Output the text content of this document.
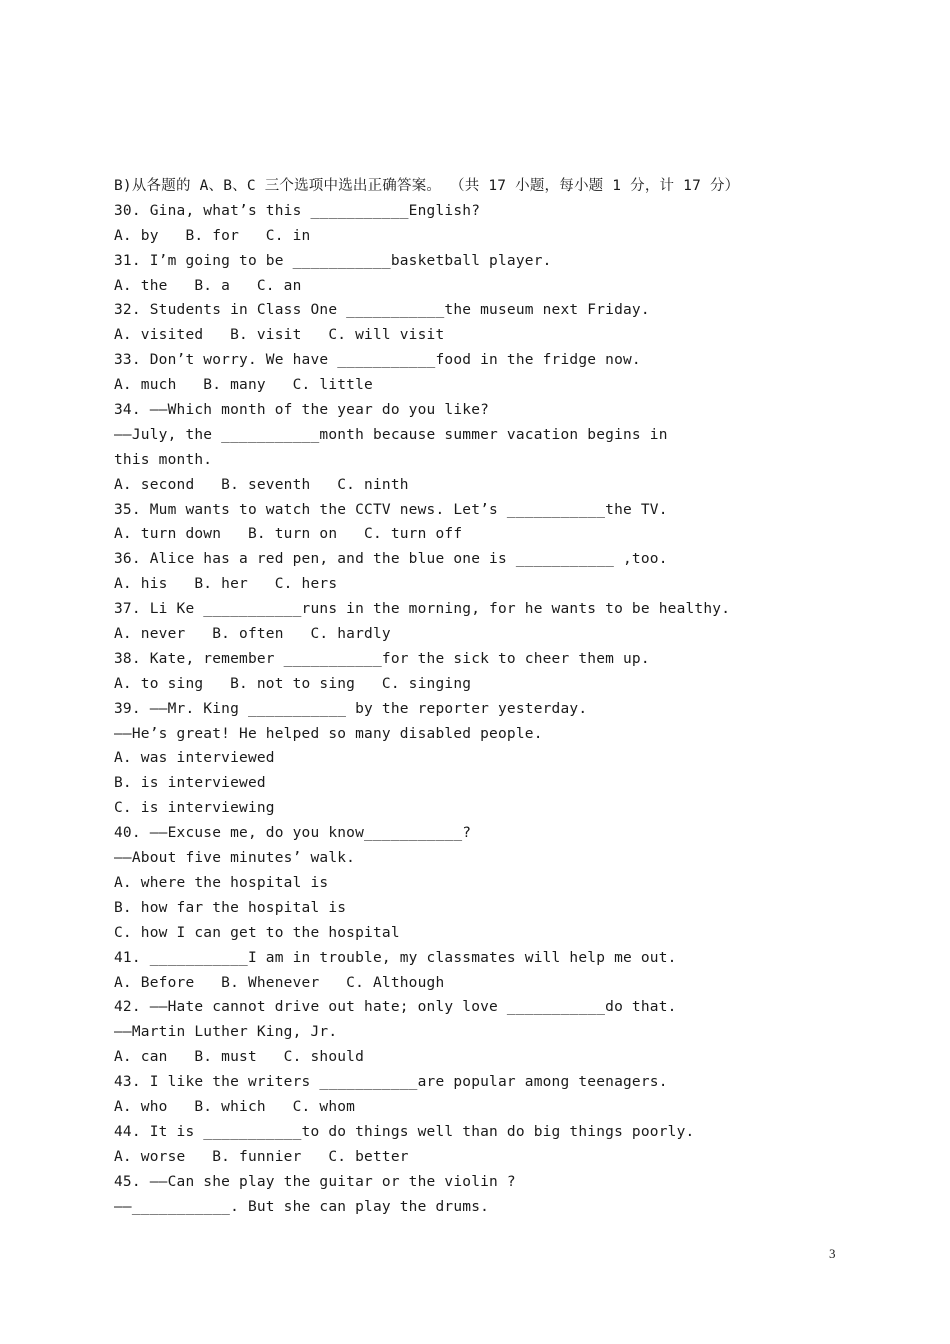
B)从各题的 A、B、C 三个选项中选出正确答案。 （共 17 小题，每小题 1 分，计 17 分）
30. Gina, what’s this ___________English?
A. by   B. for   C. in
31. I’m going to be ___________basketball player.
A. the   B. a   C. an
32. Students in Class One ___________the museum next Friday.
A. visited   B. visit   C. will visit
33. Don’t worry. We have ___________food in the fridge now.
A. much   B. many   C. little
34. ——Which month of the year do you like?
——July, the ___________month because summer vacation begins in
this month.
A. second   B. seventh   C. ninth
35. Mum wants to watch the CCTV news. Let’s ___________the TV.
A. turn down   B. turn on   C. turn off
36. Alice has a red pen, and the blue one is ___________ ,too.
A. his   B. her   C. hers
37. Li Ke ___________runs in the morning, for he wants to be healthy.
A. never   B. often   C. hardly
38. Kate, remember ___________for the sick to cheer them up.
A. to sing   B. not to sing   C. singing
39. ——Mr. King ___________ by the reporter yesterday.
——He’s great! He helped so many disabled people.
A. was interviewed
B. is interviewed
C. is interviewing
40. ——Excuse me, do you know___________?
——About five minutes’ walk.
A. where the hospital is
B. how far the hospital is
C. how I can get to the hospital
41. ___________I am in trouble, my classmates will help me out.
A. Before   B. Whenever   C. Although
42. ——Hate cannot drive out hate; only love ___________do that.
——Martin Luther King, Jr.
A. can   B. must   C. should
43. I like the writers ___________are popular among teenagers.
A. who   B. which   C. whom
44. It is ___________to do things well than do big things poorly.
A. worse   B. funnier   C. better
45. ——Can she play the guitar or the violin ?
——___________. But she can play the drums.
3
